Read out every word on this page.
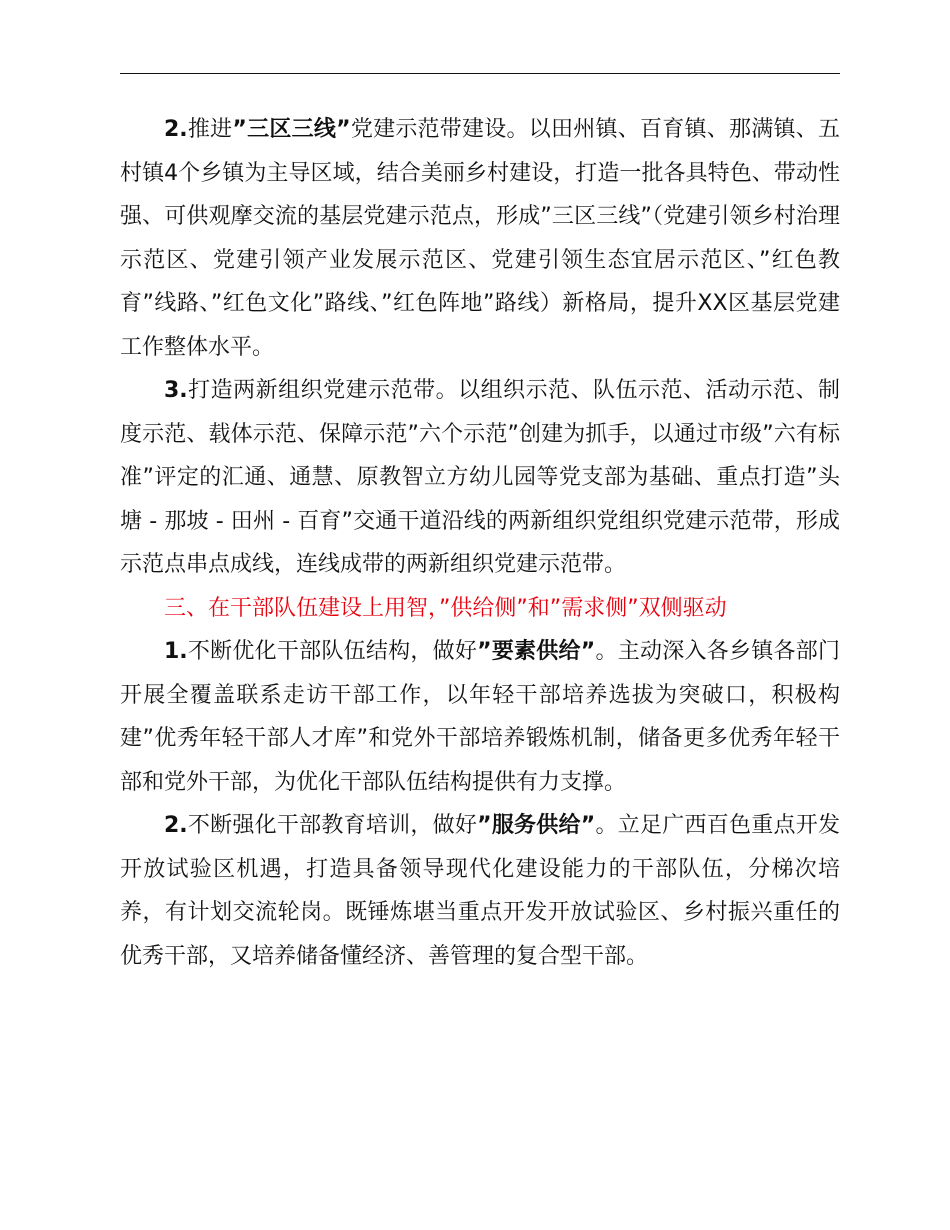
2.推进”三区三线”党建示范带建设。以田州镇、百育镇、那满镇、五村镇4个乡镇为主导区域，结合美丽乡村建设，打造一批各具特色、带动性强、可供观摩交流的基层党建示范点，形成”三区三线”（党建引领乡村治理示范区、党建引领产业发展示范区、党建引领生态宜居示范区、”红色教育”线路、”红色文化”路线、”红色阵地”路线）新格局，提升XX区基层党建工作整体水平。

3.打造两新组织党建示范带。以组织示范、队伍示范、活动示范、制度示范、载体示范、保障示范”六个示范”创建为抓手，以通过市级”六有标准”评定的汇通、通慧、原教智立方幼儿园等党支部为基础、重点打造”头塘 - 那坡 - 田州 - 百育”交通干道沿线的两新组织党组织党建示范带，形成示范点串点成线，连线成带的两新组织党建示范带。

三、在干部队伍建设上用智，”供给侧”和”需求侧”双侧驱动

1.不断优化干部队伍结构，做好”要素供给”。主动深入各乡镇各部门开展全覆盖联系走访干部工作，以年轻干部培养选拔为突破口，积极构建”优秀年轻干部人才库”和党外干部培养锻炼机制，储备更多优秀年轻干部和党外干部，为优化干部队伍结构提供有力支撑。

2.不断强化干部教育培训，做好”服务供给”。立足广西百色重点开发开放试验区机遇，打造具备领导现代化建设能力的干部队伍，分梯次培养，有计划交流轮岗。既锤炼堪当重点开发开放试验区、乡村振兴重任的优秀干部，又培养储备懂经济、善管理的复合型干部。
